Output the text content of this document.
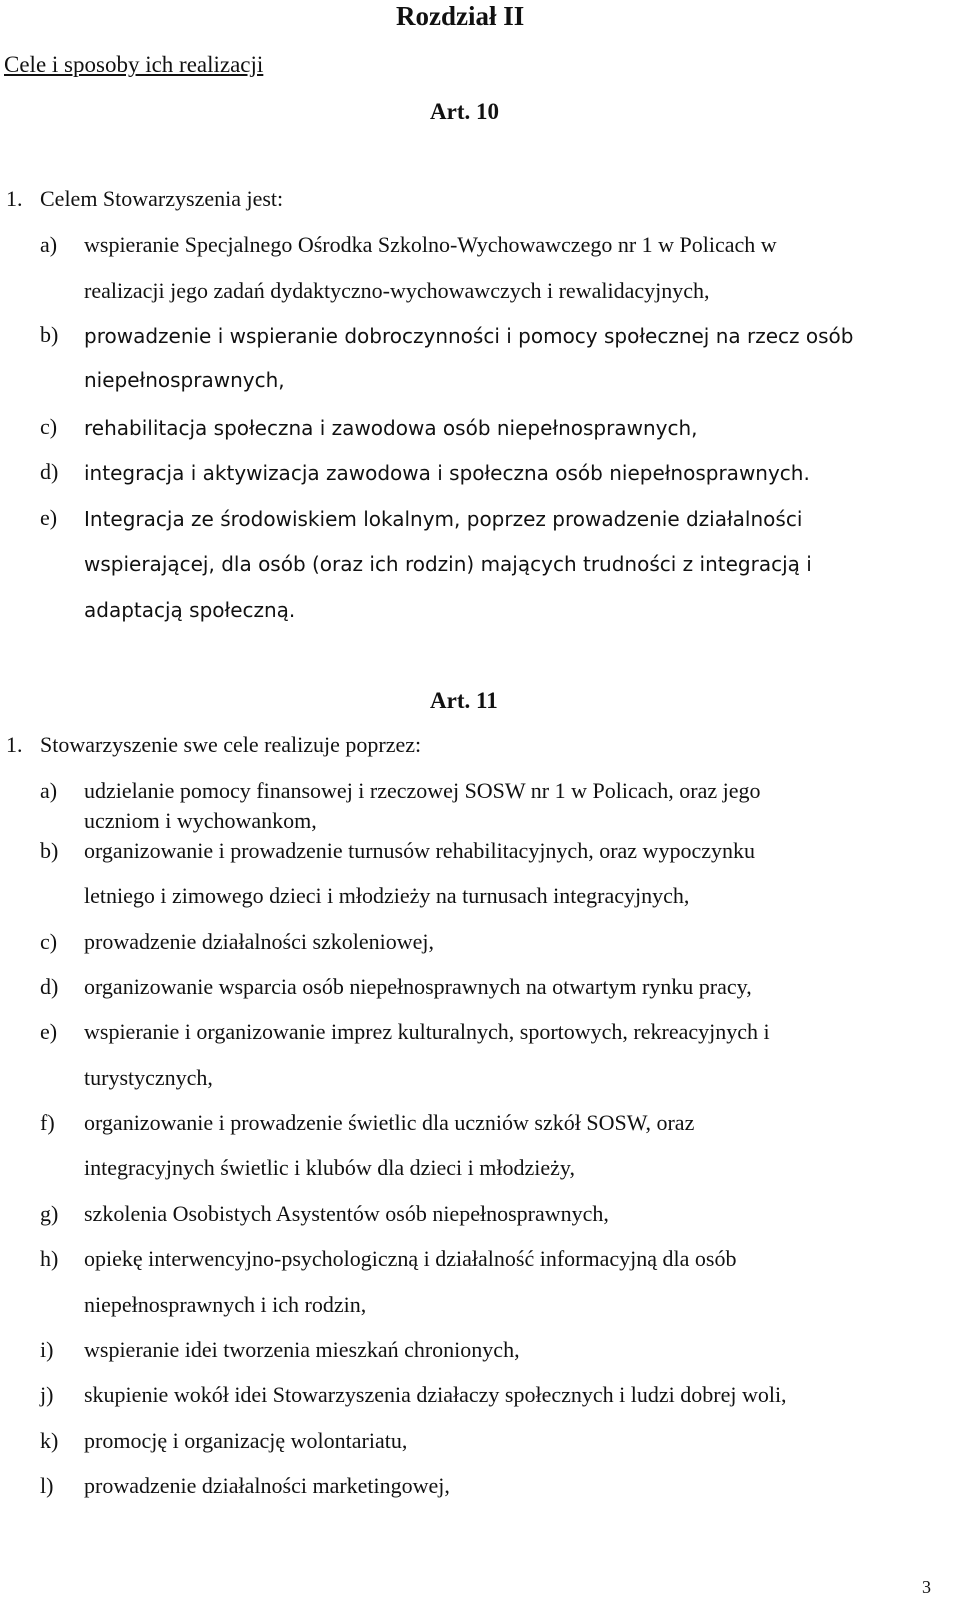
Rozdział II
Cele i sposoby ich realizacji
Art. 10
1. Celem Stowarzyszenia jest:
a) wspieranie Specjalnego Ośrodka Szkolno-Wychowawczego nr 1 w Policach w
realizacji jego zadań dydaktyczno-wychowawczych i rewalidacyjnych,
b) prowadzenie i wspieranie dobroczynności i pomocy społecznej na rzecz osób
niepełnosprawnych,
c) rehabilitacja społeczna i zawodowa osób niepełnosprawnych,
d) integracja i aktywizacja zawodowa i społeczna osób niepełnosprawnych.
e) Integracja ze środowiskiem lokalnym, poprzez prowadzenie działalności
wspierającej, dla osób (oraz ich rodzin) mających trudności z integracją i
adaptacją społeczną.
Art. 11
1. Stowarzyszenie swe cele realizuje poprzez:
a) udzielanie pomocy finansowej i rzeczowej SOSW nr 1 w Policach, oraz jego
uczniom i wychowankom,
b) organizowanie i prowadzenie turnusów rehabilitacyjnych, oraz wypoczynku
letniego i zimowego dzieci i młodzieży na turnusach integracyjnych,
c) prowadzenie działalności szkoleniowej,
d) organizowanie wsparcia osób niepełnosprawnych na otwartym rynku pracy,
e) wspieranie i organizowanie imprez kulturalnych, sportowych, rekreacyjnych i
turystycznych,
f) organizowanie i prowadzenie świetlic dla uczniów szkół SOSW, oraz
integracyjnych świetlic i klubów dla dzieci i młodzieży,
g) szkolenia Osobistych Asystentów osób niepełnosprawnych,
h) opiekę interwencyjno-psychologiczną i działalność informacyjną dla osób
niepełnosprawnych i ich rodzin,
i) wspieranie idei tworzenia mieszkań chronionych,
j) skupienie wokół idei Stowarzyszenia działaczy społecznych i ludzi dobrej woli,
k) promocję i organizację wolontariatu,
l) prowadzenie działalności marketingowej,
3
